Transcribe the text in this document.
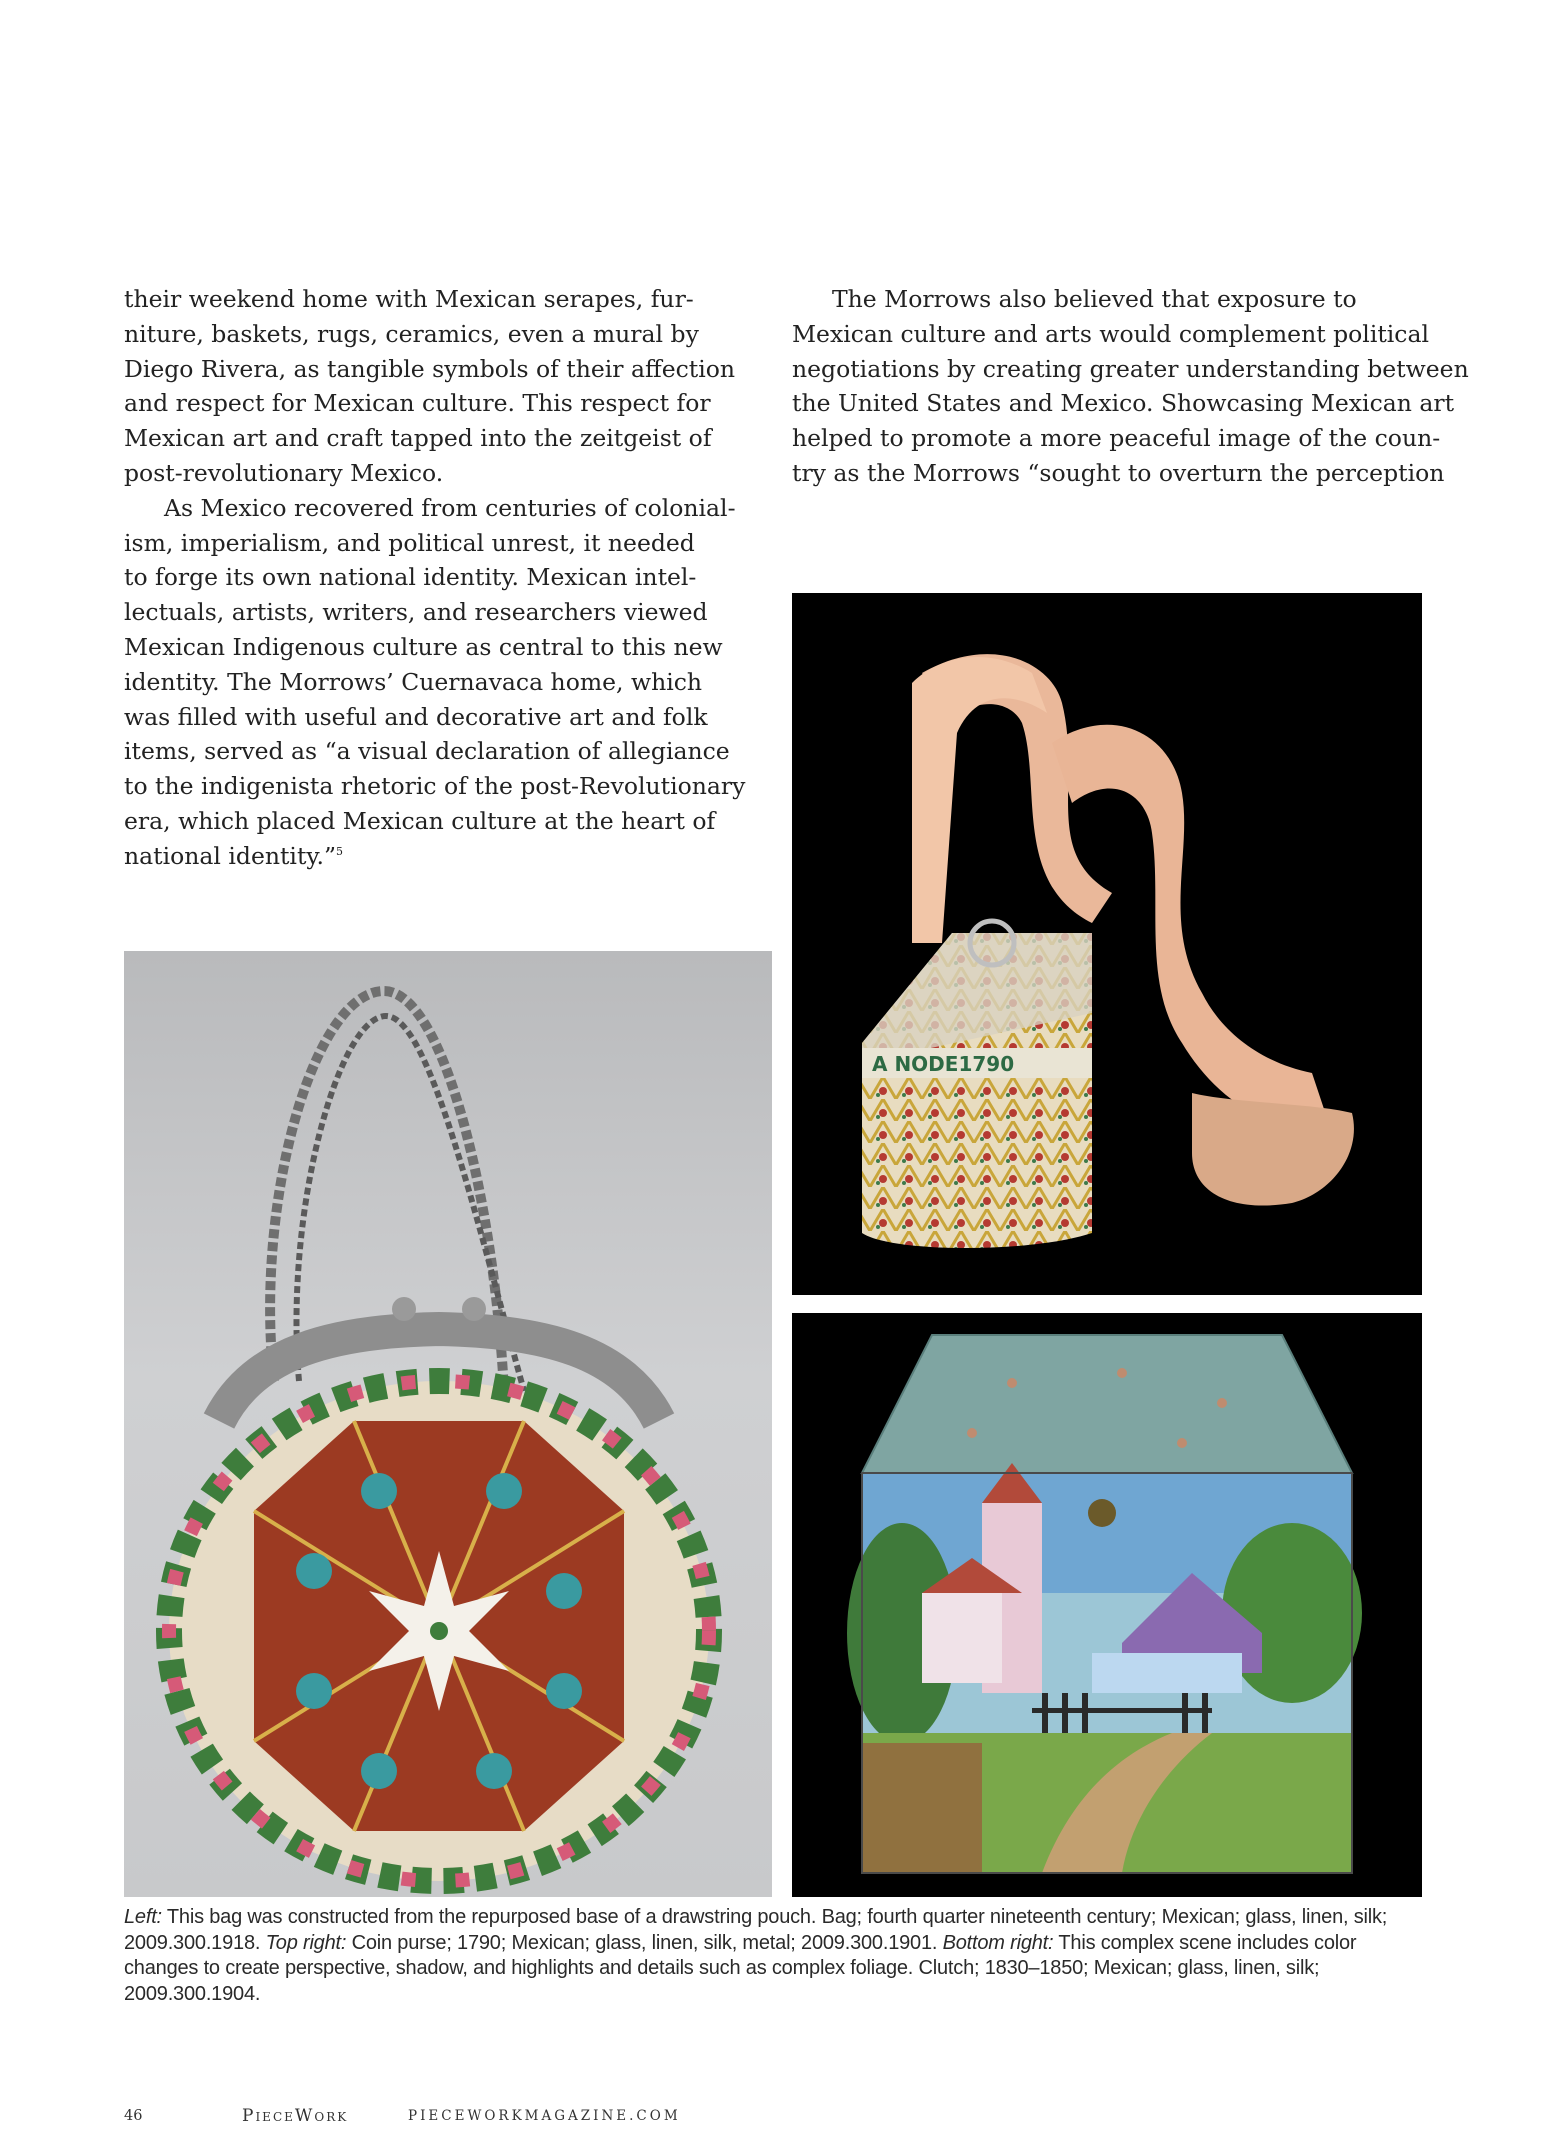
their weekend home with Mexican serapes, fur-

niture, baskets, rugs, ceramics, even a mural by

Diego Rivera, as tangible symbols of their affection

and respect for Mexican culture. This respect for

Mexican art and craft tapped into the zeitgeist of

post-revolutionary Mexico.

As Mexico recovered from centuries of colonial-

ism, imperialism, and political unrest, it needed

to forge its own national identity. Mexican intel-

lectuals, artists, writers, and researchers viewed

Mexican Indigenous culture as central to this new

identity. The Morrows’ Cuernavaca home, which

was filled with useful and decorative art and folk

items, served as “a visual declaration of allegiance

to the indigenista rhetoric of the post-Revolutionary

era, which placed Mexican culture at the heart of

national identity.”$^5$

The Morrows also believed that exposure to

Mexican culture and arts would complement political

negotiations by creating greater understanding between

the United States and Mexico. Showcasing Mexican art

helped to promote a more peaceful image of the coun-

try as the Morrows “sought to overturn the perception

A NODE1790
Left: This bag was constructed from the repurposed base of a drawstring pouch. Bag; fourth quarter nineteenth century; Mexican; glass, linen, silk; 2009.300.1918. Top right: Coin purse; 1790; Mexican; glass, linen, silk, metal; 2009.300.1901. Bottom right: This complex scene includes color changes to create perspective, shadow, and highlights and details such as complex foliage. Clutch; 1830–1850; Mexican; glass, linen, silk; 2009.300.1904.
46	PieceWork	PIECEWORKMAGAZINE.COM
